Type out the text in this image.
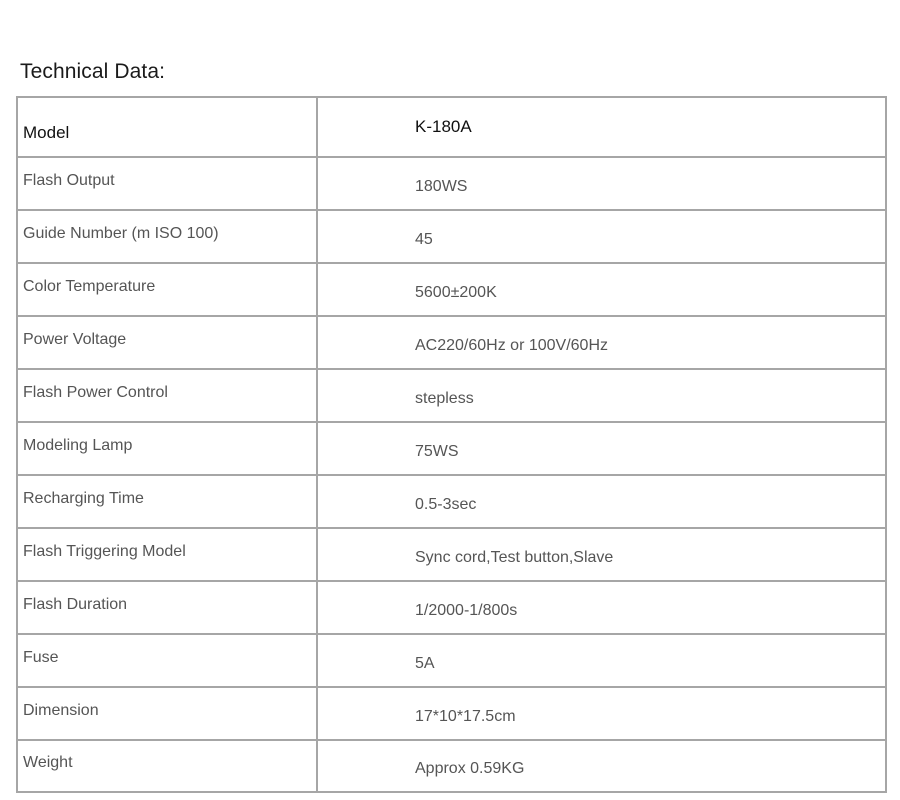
Technical Data:
Model	K-180A
Flash Output	180WS
Guide Number (m ISO 100)	45
Color Temperature	5600±200K
Power Voltage	AC220/60Hz or 100V/60Hz
Flash Power Control	stepless
Modeling Lamp	75WS
Recharging Time	0.5-3sec
Flash Triggering Model	Sync cord,Test button,Slave
Flash Duration	1/2000-1/800s
Fuse	5A
Dimension	17*10*17.5cm
Weight	Approx 0.59KG
